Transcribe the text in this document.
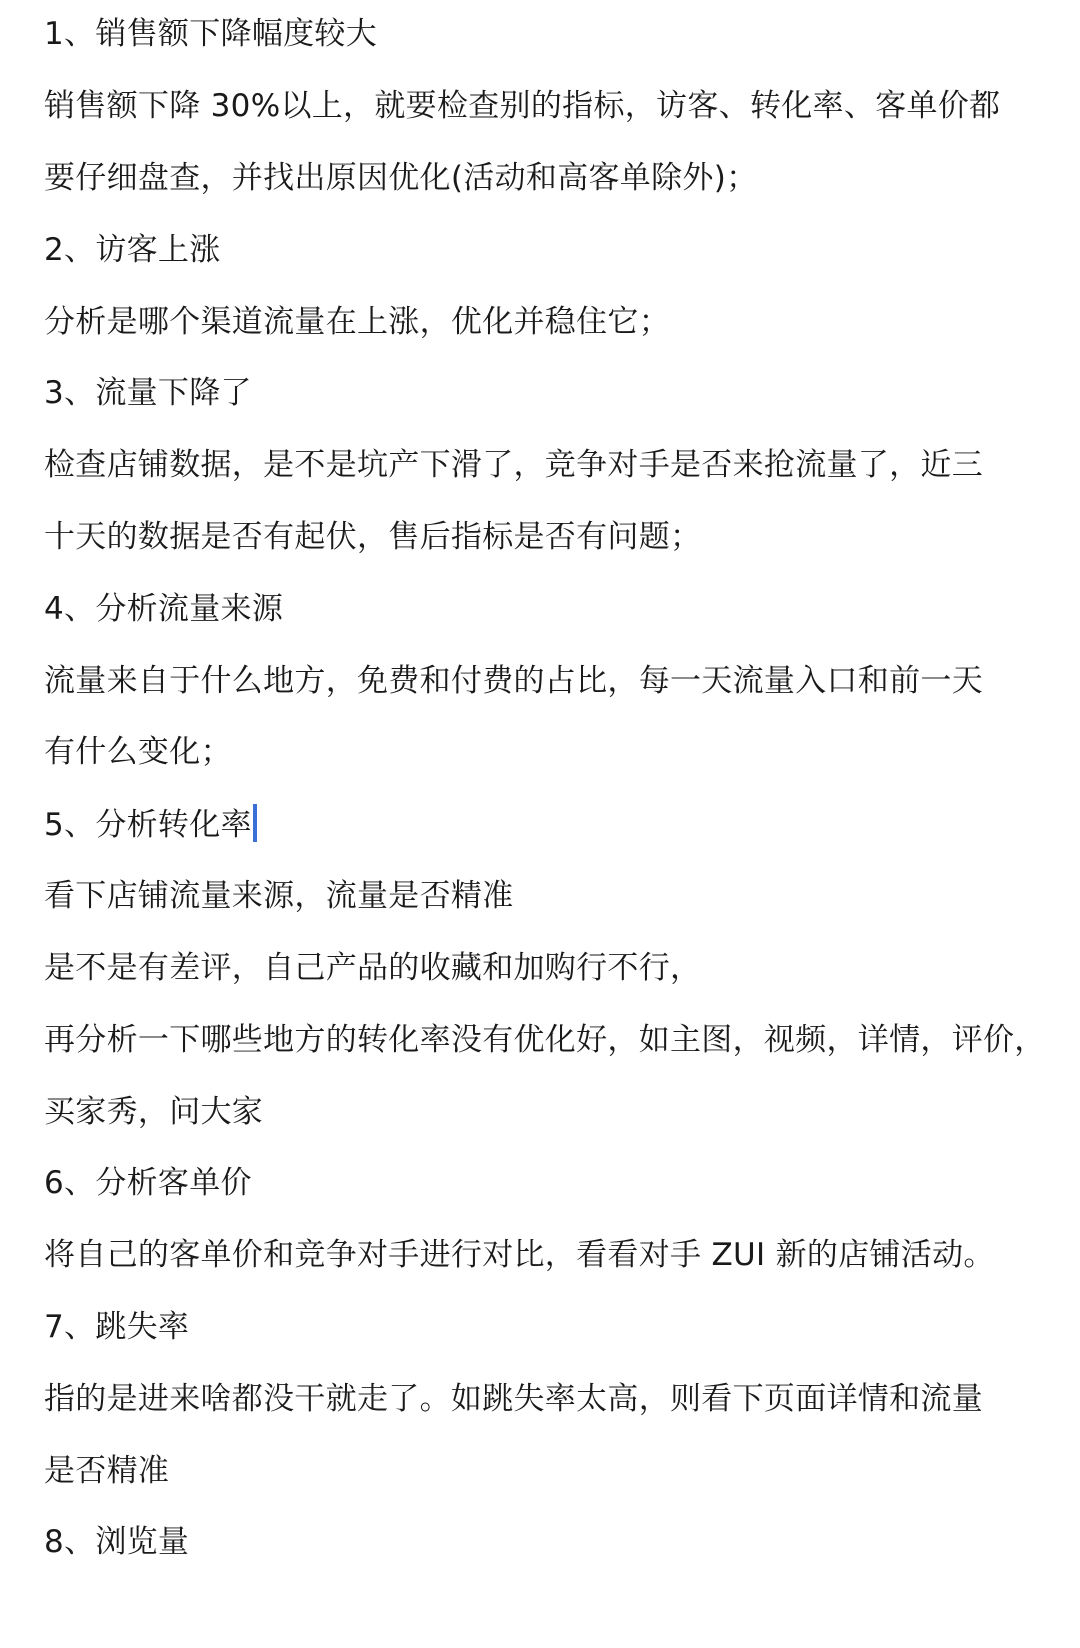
1、销售额下降幅度较大
销售额下降 30%以上，就要检查别的指标，访客、转化率、客单价都
要仔细盘查，并找出原因优化(活动和高客单除外)；
2、访客上涨
分析是哪个渠道流量在上涨，优化并稳住它；
3、流量下降了
检查店铺数据，是不是坑产下滑了，竞争对手是否来抢流量了，近三
十天的数据是否有起伏，售后指标是否有问题；
4、分析流量来源
流量来自于什么地方，免费和付费的占比，每一天流量入口和前一天
有什么变化；
5、分析转化率
看下店铺流量来源，流量是否精准
是不是有差评，自己产品的收藏和加购行不行，
再分析一下哪些地方的转化率没有优化好，如主图，视频，详情，评价，
买家秀，问大家
6、分析客单价
将自己的客单价和竞争对手进行对比，看看对手 ZUI 新的店铺活动。
7、跳失率
指的是进来啥都没干就走了。如跳失率太高，则看下页面详情和流量
是否精准
8、浏览量
